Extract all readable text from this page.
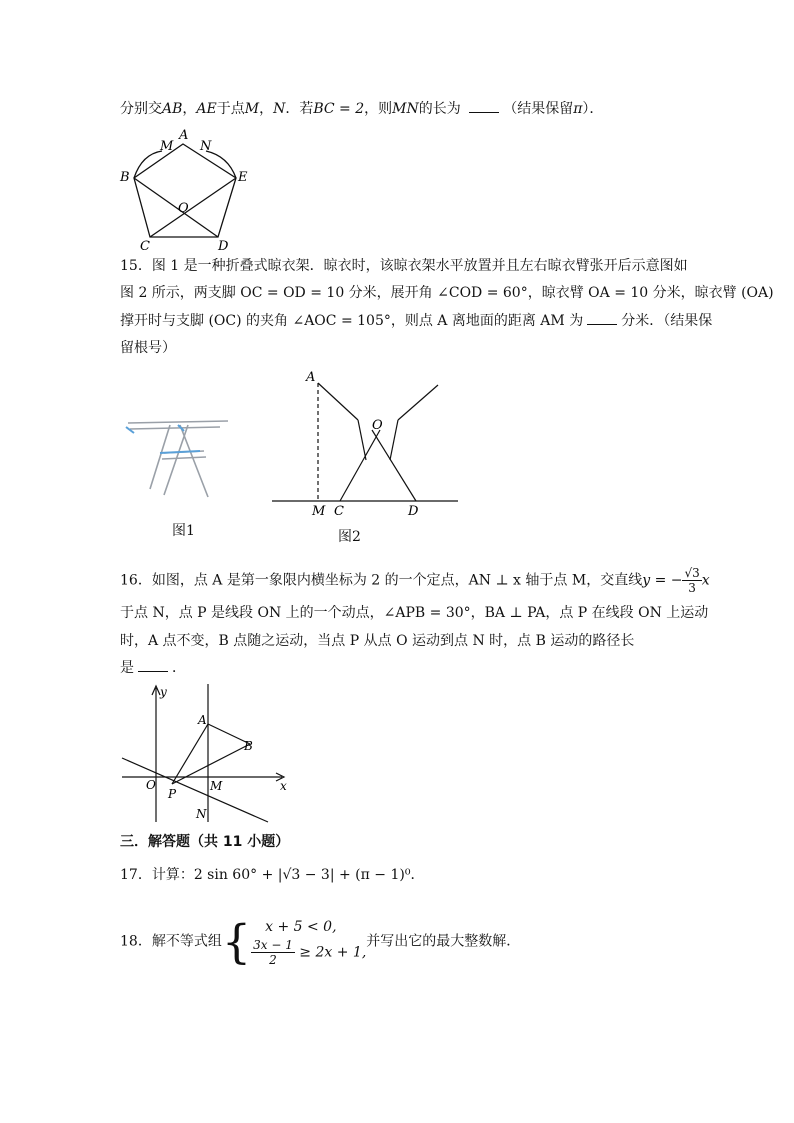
分别交AB，AE于点M，N．若BC = 2，则MN的长为	（结果保留π）．
A
M N
B	E
O
C	D
15．图 1 是一种折叠式晾衣架．晾衣时，该晾衣架水平放置并且左右晾衣臂张开后示意图如
图 2 所示，两支脚 OC = OD = 10 分米，展开角 ∠COD = 60°，晾衣臂 OA = 10 分米，晾衣臂 (OA)
撑开时与支脚 (OC) 的夹角 ∠AOC = 105°，则点 A 离地面的距离 AM 为	分米．（结果保
留根号）
图1
A
O
M C	D
图2
16．如图，点 A 是第一象限内横坐标为 2 的一个定点，AN ⊥ x 轴于点 M，交直线y = − $\frac{√3}{3}$ x
于点 N，点 P 是线段 ON 上的一个动点，∠APB = 30°，BA ⊥ PA，点 P 在线段 ON 上运动
时，A 点不变，B 点随之运动，当点 P 从点 O 运动到点 N 时，点 B 运动的路径长
是	．
y
x
A
B
O
P
M
N
三．解答题（共 11 小题）
17．计算：2 sin 60° + |√3 − 3| + (π − 1)⁰．
18．解不等式组{	x + 5 < 0,
$\frac{3x - 1}{2} \ge 2x + 1$,
并写出它的最大整数解．
